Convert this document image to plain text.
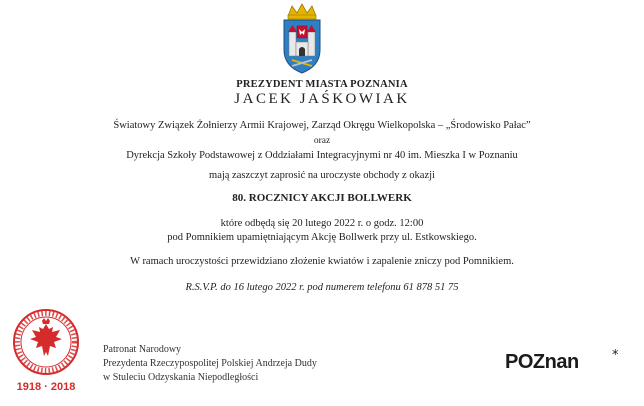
PREZYDENT MIASTA POZNANIA
JACEK JAŚKOWIAK
Światowy Związek Żołnierzy Armii Krajowej, Zarząd Okręgu Wielkopolska – „Środowisko Pałac”
oraz
Dyrekcja Szkoły Podstawowej z Oddziałami Integracyjnymi nr 40 im. Mieszka I w Poznaniu
mają zaszczyt zaprosić na uroczyste obchody z okazji
80. ROCZNICY AKCJI BOLLWERK
które odbędą się 20 lutego 2022 r. o godz. 12:00
pod Pomnikiem upamiętniającym Akcję Bollwerk przy ul. Estkowskiego.
W ramach uroczystości przewidziano złożenie kwiatów i zapalenie zniczy pod Pomnikiem.
R.S.V.P. do 16 lutego 2022 r. pod numerem telefonu 61 878 51 75
1918 · 2018
Patronat Narodowy
Prezydenta Rzeczypospolitej Polskiej Andrzeja Dudy
w Stuleciu Odzyskania Niepodległości
POZnan	*
